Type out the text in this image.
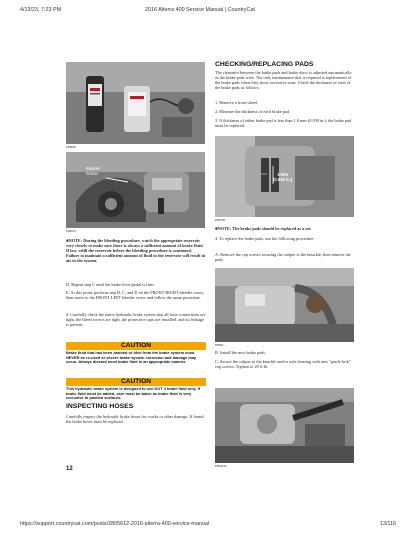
4/13/23, 7:23 PM	2016 Alterra 400 Service Manual | CountryCat
https://support.countrycat.com/posts/2805612-2016-alterra-400-service-manual	13/116
AP8070
Bleeder
Screw
FS0074

■NOTE: During the bleeding procedure, watch the appropriate reservoir very closely to make sure there is always a sufficient amount of brake fluid. If low, refill the reservoir before the bleeding procedure is continued. Failure to maintain a sufficient amount of fluid in the reservoir will result in air in the system.

D. Repeat step C until the brake lever/pedal is firm.

E. At this point, perform step B, C, and D on the FRONT RIGHT bleeder screw; then move to the FRONT LEFT bleeder screw and follow the same procedure.

4. Carefully check the entire hydraulic brake system that all hose connections are tight, the bleed screws are tight, the protective caps are installed, and no leakage is present.

CAUTION

Brake fluid that has been drained or bled from the brake system must NEVER be re-used or severe brake system corrosion and damage may occur. Always discard used brake fluid in an appropriate manner.

CAUTION

This hydraulic brake system is designed to use DOT 4 brake fluid only. If brake fluid must be added, care must be taken as brake fluid is very corrosive to painted surfaces.

INSPECTING HOSES

Carefully inspect the hydraulic brake hoses for cracks or other damage. If found, the brake hoses must be replaced.

12
CHECKING/REPLACING PADS

The clearance between the brake pads and brake discs is adjusted automatically as the brake pads wear. The only maintenance that is required is replacement of the brake pads when they show excessive wear. Check the thickness of each of the brake pads as follows.

1. Remove a front wheel.

2. Measure the thickness of each brake pad.

3. If thickness of either brake pad is less than 1.0 mm (0.039 in.), the brake pad must be replaced.

1 mm
(0.039 in.)
PR0736

■NOTE: The brake pads should be replaced as a set.

4. To replace the brake pads, use the following procedure:

A. Remove the cap screws securing the caliper to the knuckle; then remove the pads.

PR097

B. Install the new brake pads.

C. Secure the caliper to the knuckle and/or axle housing with new "patch-lock" cap screws. Tighten to 20 ft-lb.

PR0117A
